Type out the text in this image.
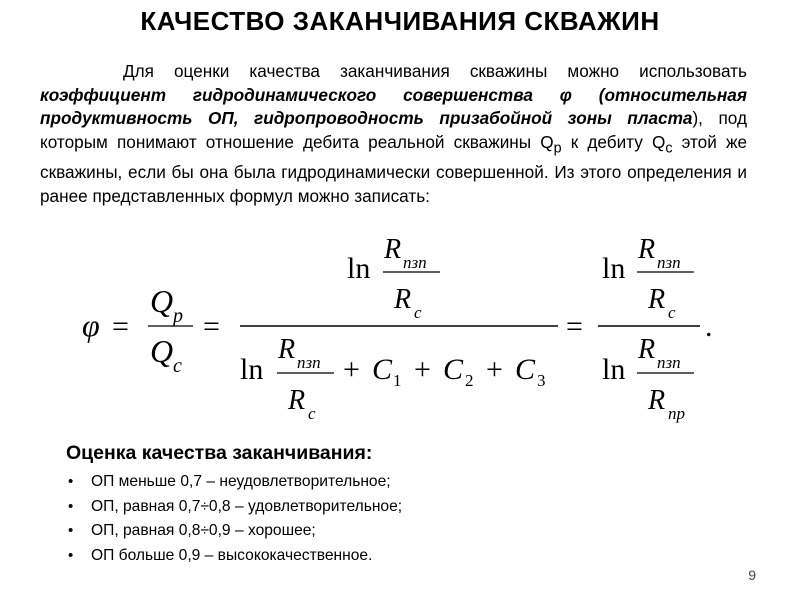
КАЧЕСТВО ЗАКАНЧИВАНИЯ СКВАЖИН
Для оценки качества заканчивания скважины можно использовать коэффициент гидродинамического совершенства φ (относительная продуктивность ОП, гидропроводность призабойной зоны пласта), под которым понимают отношение дебита реальной скважины $Q_р$ к дебиту $Q_с$ этой же скважины, если бы она была гидродинамически совершенной. Из этого определения и ранее представленных формул можно записать:
φ =
Q p
Q c
=
ln
R пзп
R c
ln
R пзп
R c
+ C 1 + C 2 + C 3
=
ln
R пзп
R c
ln
R пзп
R пр
.
Оценка качества заканчивания:
• ОП меньше 0,7 – неудовлетворительное;
• ОП, равная 0,7÷0,8 – удовлетворительное;
• ОП, равная 0,8÷0,9 – хорошее;
• ОП больше 0,9 – высококачественное.
9
